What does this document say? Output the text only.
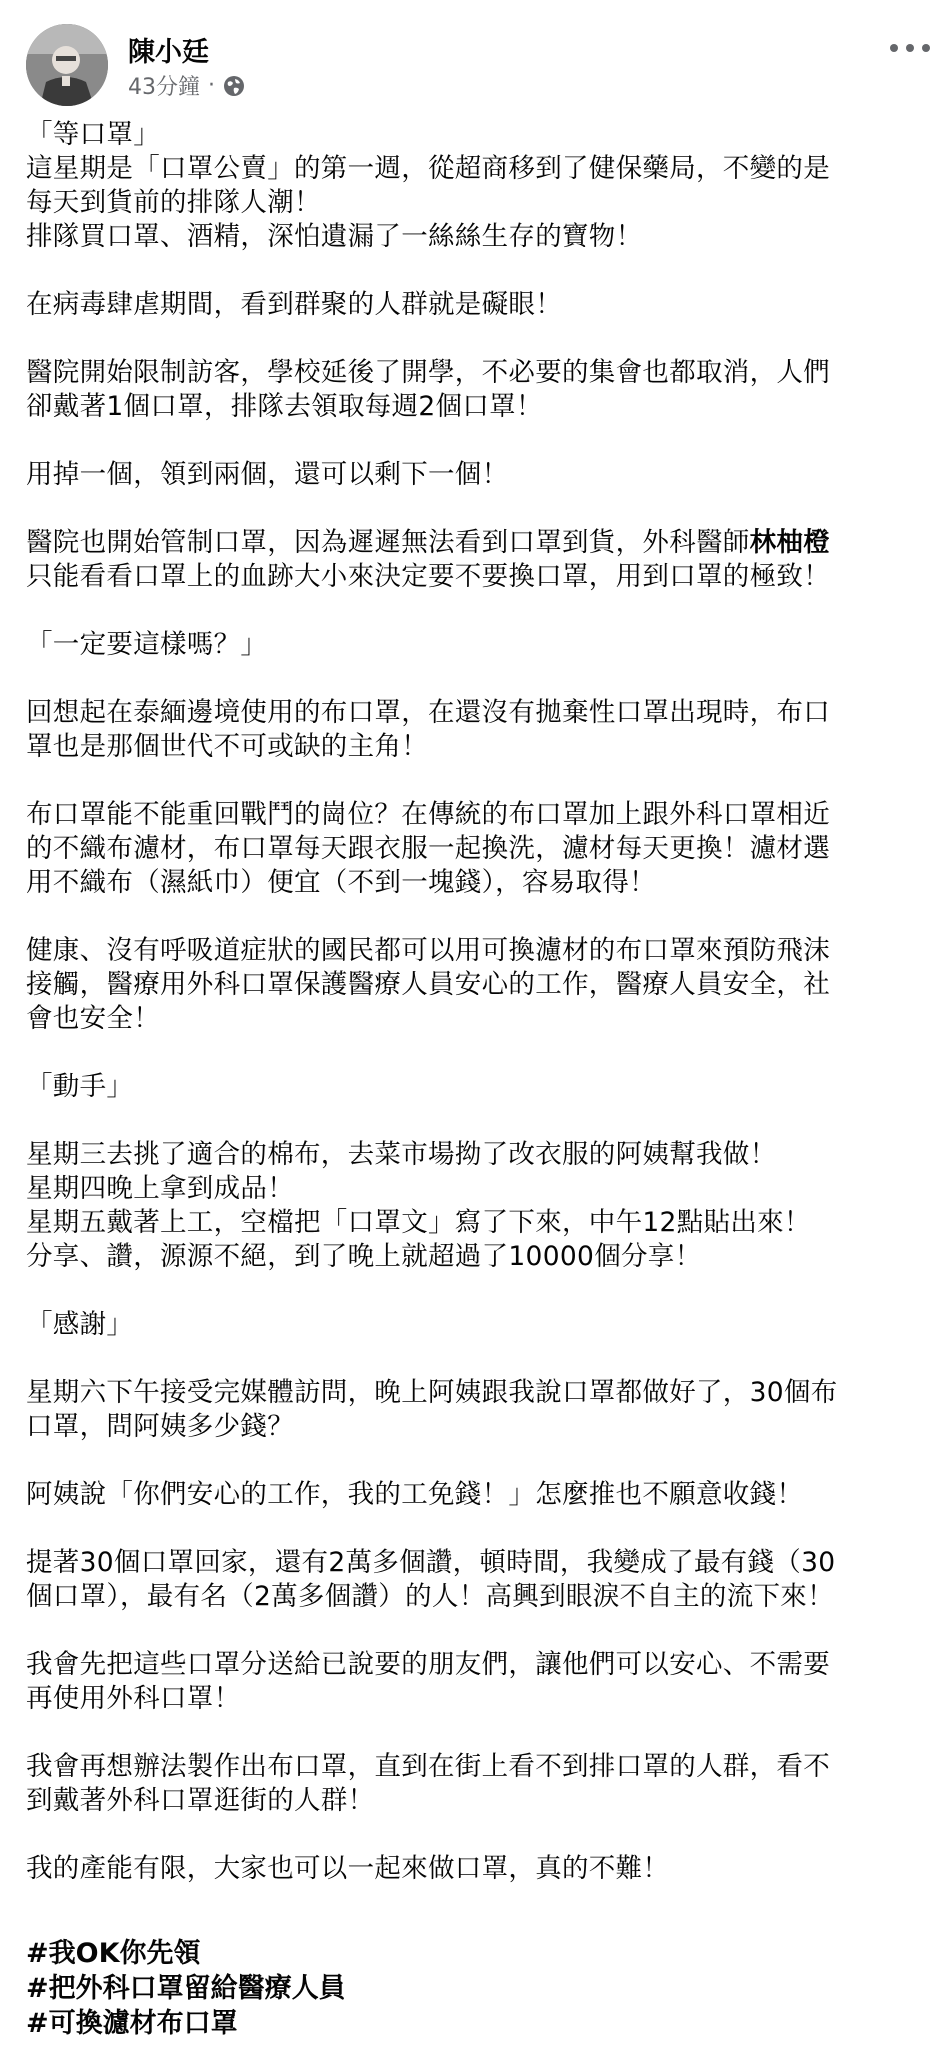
陳小廷
43分鐘 ·

「等口罩」
這星期是「口罩公賣」的第一週，從超商移到了健保藥局，不變的是
每天到貨前的排隊人潮！
排隊買口罩、酒精，深怕遺漏了一絲絲生存的寶物！

在病毒肆虐期間，看到群聚的人群就是礙眼！

醫院開始限制訪客，學校延後了開學，不必要的集會也都取消，人們
卻戴著1個口罩，排隊去領取每週2個口罩！

用掉一個，領到兩個，還可以剩下一個！

醫院也開始管制口罩，因為遲遲無法看到口罩到貨，外科醫師林柚橙
只能看看口罩上的血跡大小來決定要不要換口罩，用到口罩的極致！

「一定要這樣嗎？」

回想起在泰緬邊境使用的布口罩，在還沒有拋棄性口罩出現時，布口
罩也是那個世代不可或缺的主角！

布口罩能不能重回戰鬥的崗位？在傳統的布口罩加上跟外科口罩相近
的不織布濾材，布口罩每天跟衣服一起換洗，濾材每天更換！濾材選
用不織布（濕紙巾）便宜（不到一塊錢），容易取得！

健康、沒有呼吸道症狀的國民都可以用可換濾材的布口罩來預防飛沫
接觸，醫療用外科口罩保護醫療人員安心的工作，醫療人員安全，社
會也安全！

「動手」

星期三去挑了適合的棉布，去菜市場拗了改衣服的阿姨幫我做！
星期四晚上拿到成品！
星期五戴著上工，空檔把「口罩文」寫了下來，中午12點貼出來！
分享、讚，源源不絕，到了晚上就超過了10000個分享！

「感謝」

星期六下午接受完媒體訪問，晚上阿姨跟我說口罩都做好了，30個布
口罩，問阿姨多少錢？

阿姨說「你們安心的工作，我的工免錢！」怎麼推也不願意收錢！

提著30個口罩回家，還有2萬多個讚，頓時間，我變成了最有錢（30
個口罩），最有名（2萬多個讚）的人！高興到眼淚不自主的流下來！

我會先把這些口罩分送給已說要的朋友們，讓他們可以安心、不需要
再使用外科口罩！

我會再想辦法製作出布口罩，直到在街上看不到排口罩的人群，看不
到戴著外科口罩逛街的人群！

我的產能有限，大家也可以一起來做口罩，真的不難！

#我OK你先領
#把外科口罩留給醫療人員
#可換濾材布口罩
